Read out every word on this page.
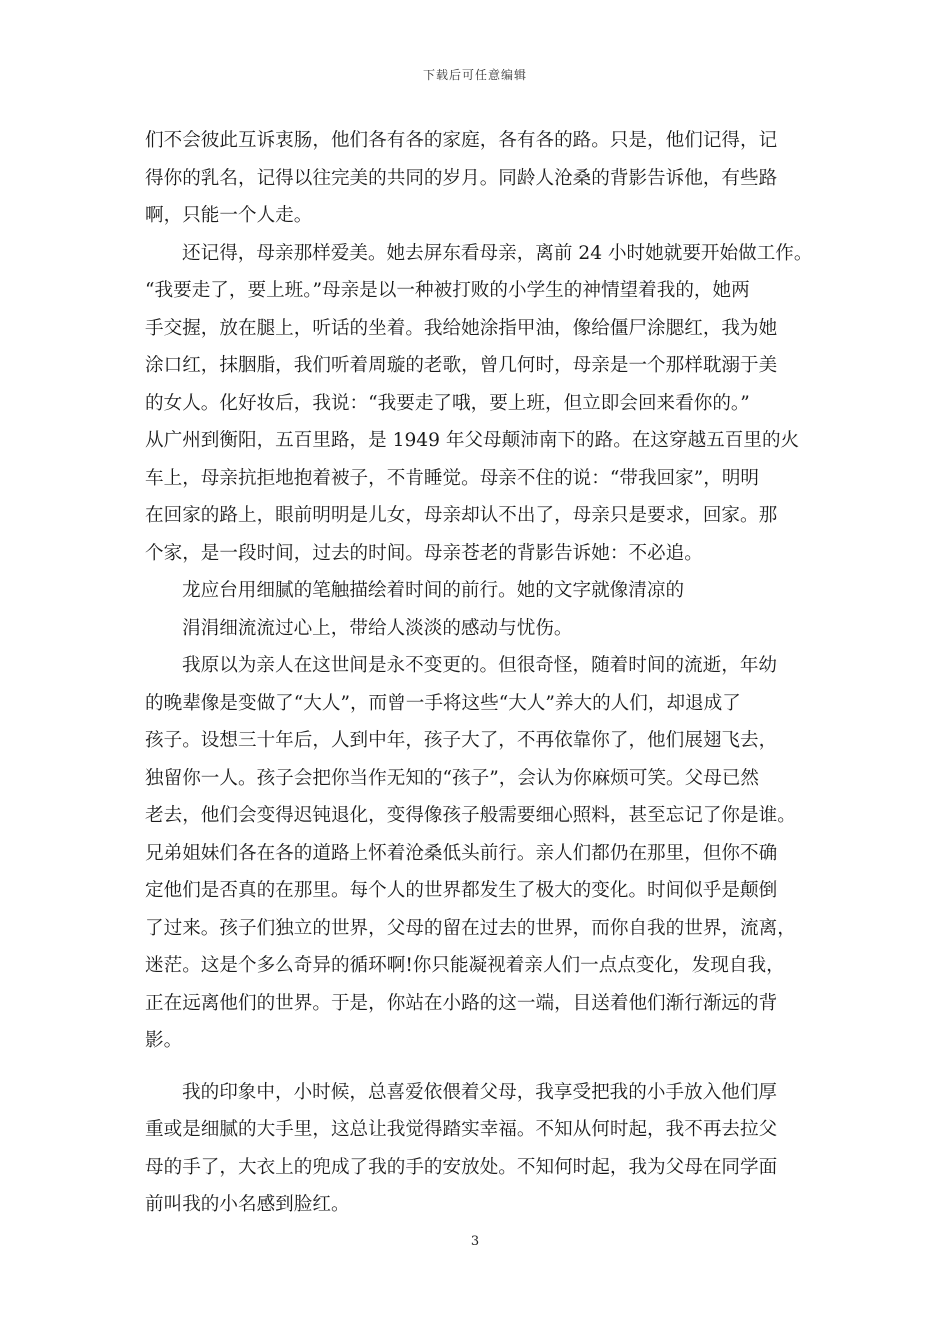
下载后可任意编辑
们不会彼此互诉衷肠，他们各有各的家庭，各有各的路。只是，他们记得，记
得你的乳名，记得以往完美的共同的岁月。同龄人沧桑的背影告诉他，有些路
啊，只能一个人走。
还记得，母亲那样爱美。她去屏东看母亲，离前 24 小时她就要开始做工作。
“我要走了，要上班。”母亲是以一种被打败的小学生的神情望着我的，她两
手交握，放在腿上，听话的坐着。我给她涂指甲油，像给僵尸涂腮红，我为她
涂口红，抹胭脂，我们听着周璇的老歌，曾几何时，母亲是一个那样耽溺于美
的女人。化好妆后，我说：“我要走了哦，要上班，但立即会回来看你的。”
从广州到衡阳，五百里路，是 1949 年父母颠沛南下的路。在这穿越五百里的火
车上，母亲抗拒地抱着被子，不肯睡觉。母亲不住的说：“带我回家”，明明
在回家的路上，眼前明明是儿女，母亲却认不出了，母亲只是要求，回家。那
个家，是一段时间，过去的时间。母亲苍老的背影告诉她：不必追。
龙应台用细腻的笔触描绘着时间的前行。她的文字就像清凉的
涓涓细流流过心上，带给人淡淡的感动与忧伤。
我原以为亲人在这世间是永不变更的。但很奇怪，随着时间的流逝，年幼
的晚辈像是变做了“大人”，而曾一手将这些“大人”养大的人们，却退成了
孩子。设想三十年后，人到中年，孩子大了，不再依靠你了，他们展翅飞去，
独留你一人。孩子会把你当作无知的“孩子”，会认为你麻烦可笑。父母已然
老去，他们会变得迟钝退化，变得像孩子般需要细心照料，甚至忘记了你是谁。
兄弟姐妹们各在各的道路上怀着沧桑低头前行。亲人们都仍在那里，但你不确
定他们是否真的在那里。每个人的世界都发生了极大的变化。时间似乎是颠倒
了过来。孩子们独立的世界，父母的留在过去的世界，而你自我的世界，流离，
迷茫。这是个多么奇异的循环啊!你只能凝视着亲人们一点点变化，发现自我，
正在远离他们的世界。于是，你站在小路的这一端，目送着他们渐行渐远的背
影。
我的印象中，小时候，总喜爱依偎着父母，我享受把我的小手放入他们厚
重或是细腻的大手里，这总让我觉得踏实幸福。不知从何时起，我不再去拉父
母的手了，大衣上的兜成了我的手的安放处。不知何时起，我为父母在同学面
前叫我的小名感到脸红。
3
